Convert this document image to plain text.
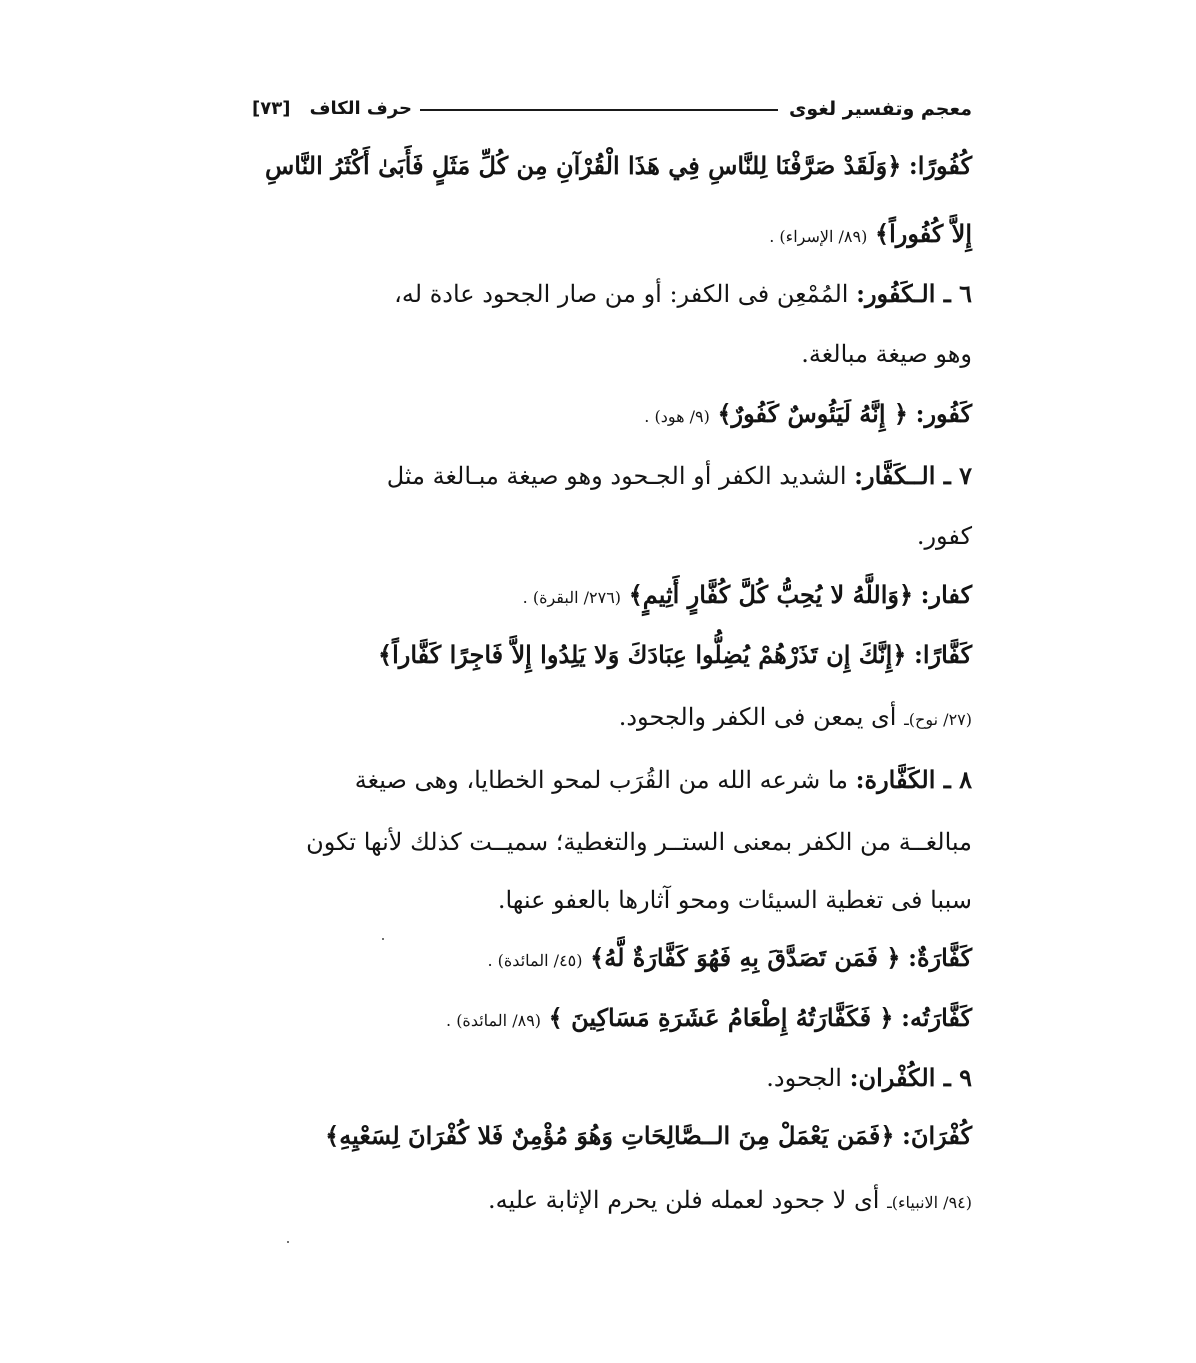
معجم وتفسير لغوى
حرف الكاف
[٧٣]
كُفُورًا: ﴿وَلَقَدْ صَرَّفْنَا لِلنَّاسِ فِي هَذَا الْقُرْآنِ مِن كُلِّ مَثَلٍ فَأَبَىٰ أَكْثَرُ النَّاسِ
إِلاَّ كُفُوراً﴾ (٨٩/ الإسراء) .
٦ ـ الـكَفُور: المُمْعِن فى الكفر: أو من صار الجحود عادة له،
وهو صيغة مبالغة.
كَفُور: ﴿ إِنَّهُ لَيَئُوسٌ كَفُورٌ﴾ (٩/ هود) .
٧ ـ الــكَفَّار: الشديد الكفر أو الجـحود وهو صيغة مبـالغة مثل
كفور.
كفار: ﴿وَاللَّهُ لا يُحِبُّ كُلَّ كُفَّارٍ أَثِيمٍ﴾ (٢٧٦/ البقرة) .
كَفَّارًا: ﴿إِنَّكَ إِن تَذَرْهُمْ يُضِلُّوا عِبَادَكَ وَلا يَلِدُوا إِلاَّ فَاجِرًا كَفَّاراً﴾
(٢٧/ نوح)ـ أى يمعن فى الكفر والجحود.
٨ ـ الكَفَّارة: ما شرعه الله من القُرَب لمحو الخطايا، وهى صيغة
مبالغــة من الكفر بمعنى الستــر والتغطية؛ سميــت كذلك لأنها تكون
سببا فى تغطية السيئات ومحو آثارها بالعفو عنها.
كَفَّارَةٌ: ﴿ فَمَن تَصَدَّقَ بِهِ فَهُوَ كَفَّارَةٌ لَّهُ﴾ (٤٥/ المائدة) .
كَفَّارَتُه: ﴿ فَكَفَّارَتُهُ إِطْعَامُ عَشَرَةِ مَسَاكِينَ ﴾ (٨٩/ المائدة) .
٩ ـ الكُفْران: الجحود.
كُفْرَانَ: ﴿فَمَن يَعْمَلْ مِنَ الــصَّالِحَاتِ وَهُوَ مُؤْمِنٌ فَلا كُفْرَانَ لِسَعْيِهِ﴾
(٩٤/ الانبياء)ـ أى لا جحود لعمله فلن يحرم الإثابة عليه.
